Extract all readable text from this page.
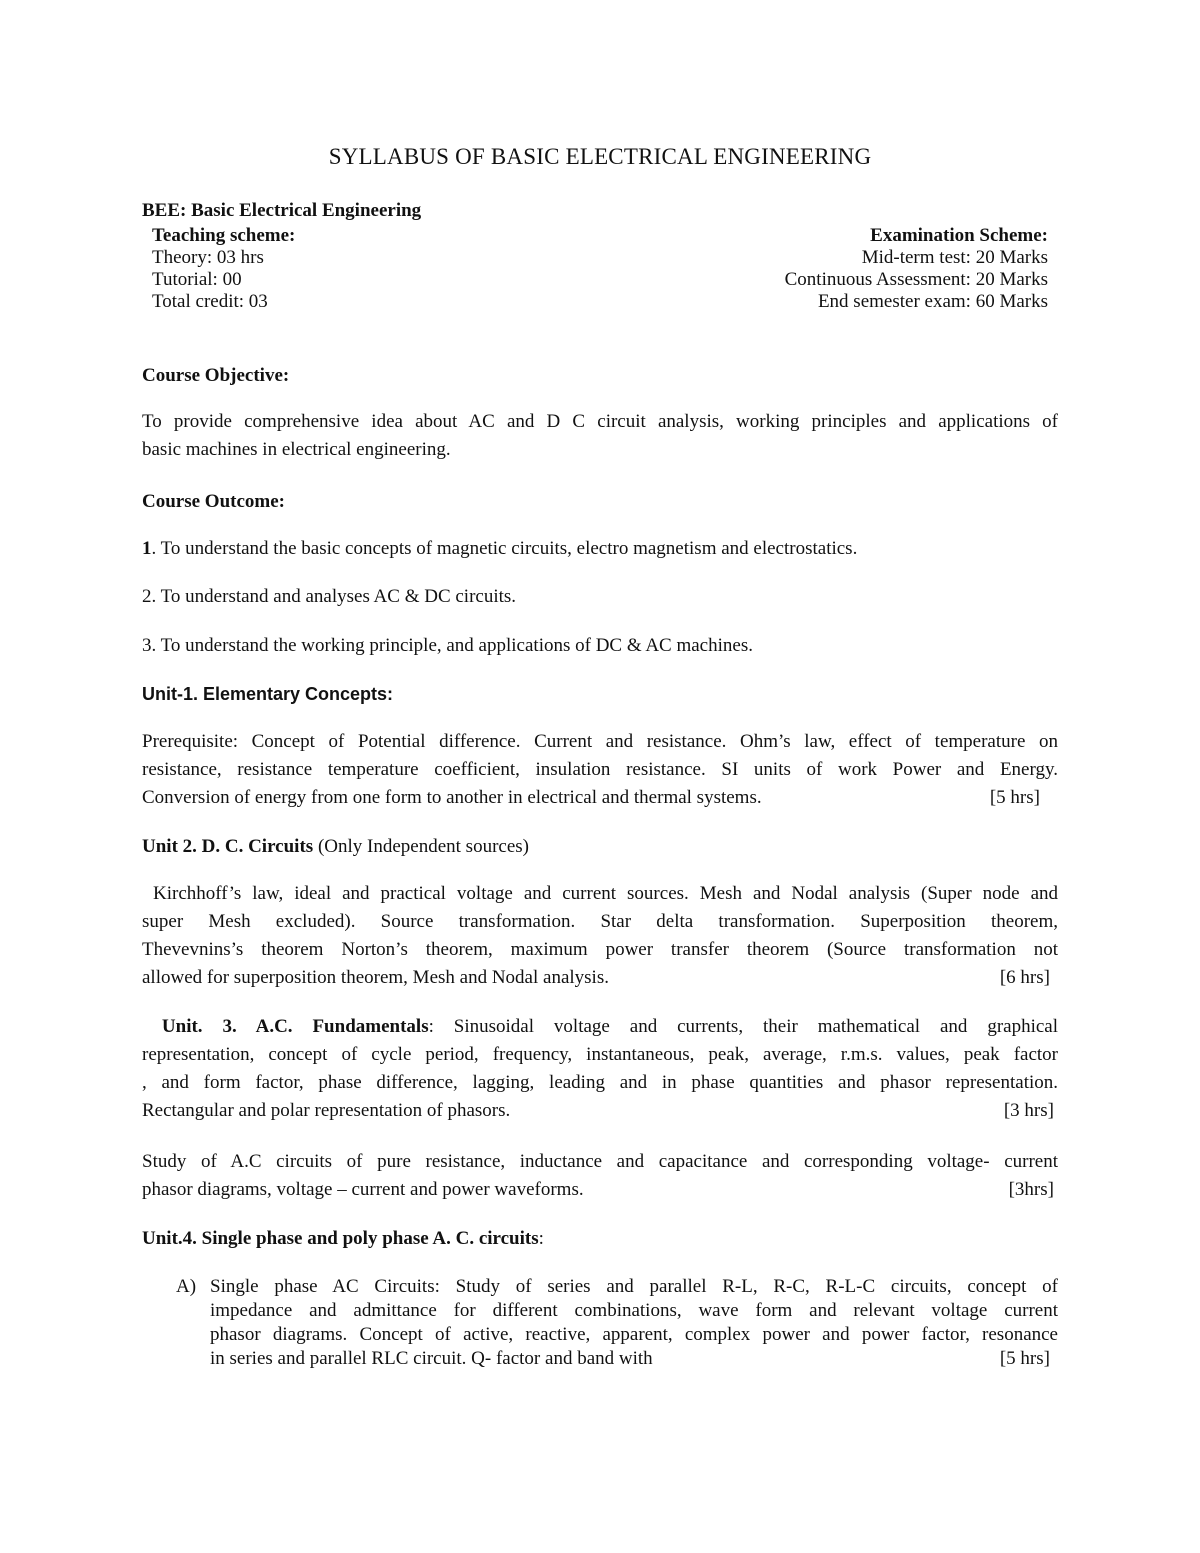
SYLLABUS OF BASIC ELECTRICAL ENGINEERING
BEE: Basic Electrical Engineering
Teaching scheme:
Theory: 03 hrs
Tutorial: 00
Total credit: 03
Examination Scheme:
Mid-term test: 20 Marks
Continuous Assessment: 20 Marks
End semester exam: 60 Marks
Course Objective:
To provide comprehensive idea about AC and D C circuit analysis, working principles and applications of
basic machines in electrical engineering.
Course Outcome:
1. To understand the basic concepts of magnetic circuits, electro magnetism and electrostatics.
2. To understand and analyses AC & DC circuits.
3. To understand the working principle, and applications of DC & AC machines.
Unit-1. Elementary Concepts:
Prerequisite: Concept of Potential difference. Current and resistance. Ohm’s law, effect of temperature on
resistance, resistance temperature coefficient, insulation resistance. SI units of work Power and Energy.
Conversion of energy from one form to another in electrical and thermal systems.	[5 hrs]
Unit 2. D. C. Circuits (Only Independent sources)
Kirchhoff’s law, ideal and practical voltage and current sources. Mesh and Nodal analysis (Super node and
super Mesh excluded). Source transformation. Star delta transformation. Superposition theorem,
Thevevnins’s theorem Norton’s theorem, maximum power transfer theorem (Source transformation not
allowed for superposition theorem, Mesh and Nodal analysis.	[6 hrs]
Unit. 3. A.C. Fundamentals: Sinusoidal voltage and currents, their mathematical and graphical
representation, concept of cycle period, frequency, instantaneous, peak, average, r.m.s. values, peak factor
, and form factor, phase difference, lagging, leading and in phase quantities and phasor representation.
Rectangular and polar representation of phasors.	[3 hrs]
Study of A.C circuits of pure resistance, inductance and capacitance and corresponding voltage- current
phasor diagrams, voltage – current and power waveforms.	[3hrs]
Unit.4. Single phase and poly phase A. C. circuits:
A) Single phase AC Circuits: Study of series and parallel R-L, R-C, R-L-C circuits, concept of
impedance and admittance for different combinations, wave form and relevant voltage current
phasor diagrams. Concept of active, reactive, apparent, complex power and power factor, resonance
in series and parallel RLC circuit. Q- factor and band with	[5 hrs]
